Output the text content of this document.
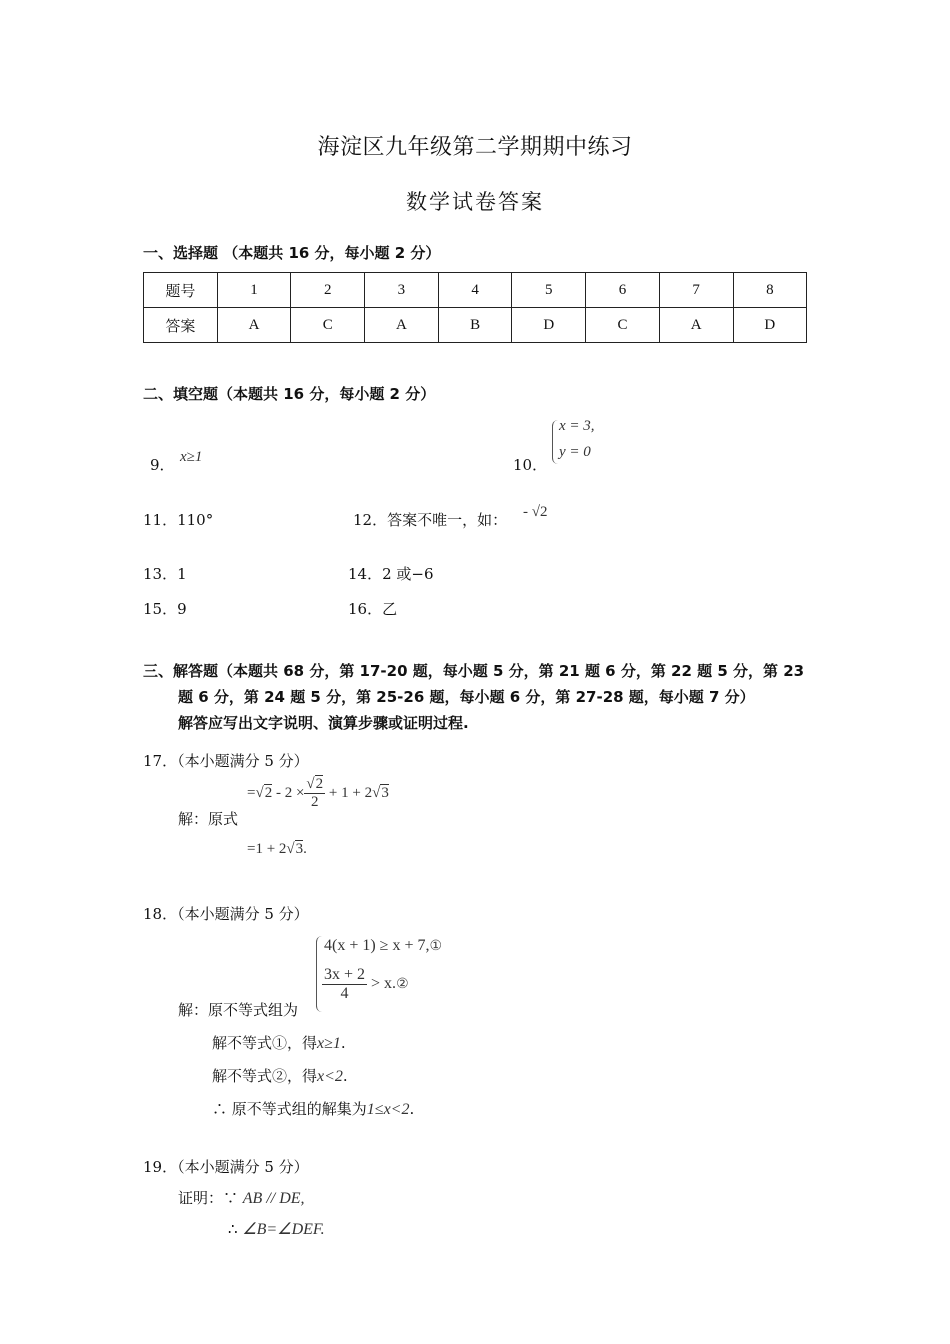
海淀区九年级第二学期期中练习
数学试卷答案
一、选择题 （本题共 16 分，每小题 2 分）
题号	1	2	3	4	5	6	7	8
答案	A	C	A	B	D	C	A	D
二、填空题（本题共 16 分，每小题 2 分）
9． x≥1	10．
x = 3,
y = 0
11．110°	12．答案不唯一，如： - √2
13．1	14．2 或−6
15．9	16．乙
三、解答题（本题共 68 分，第 17-20 题，每小题 5 分，第 21 题 6 分，第 22 题 5 分，第 23
题 6 分，第 24 题 5 分，第 25-26 题，每小题 6 分，第 27-28 题，每小题 7 分）
解答应写出文字说明、演算步骤或证明过程.
17．（本小题满分 5 分）
解：原式
$=√2 - 2 \times \frac{√2}{2} + 1 + 2√3$
=1 + 2√3.
18．（本小题满分 5 分）
4(x + 1) ≥ x + 7,①
$\frac{3x + 2}{4}$ > x.②
解：原不等式组为
解不等式①，得x≥1.
解不等式②，得x<2.
∴ 原不等式组的解集为1≤x<2.
19．（本小题满分 5 分）
证明：∵ AB // DE,
∴ ∠B=∠DEF.
